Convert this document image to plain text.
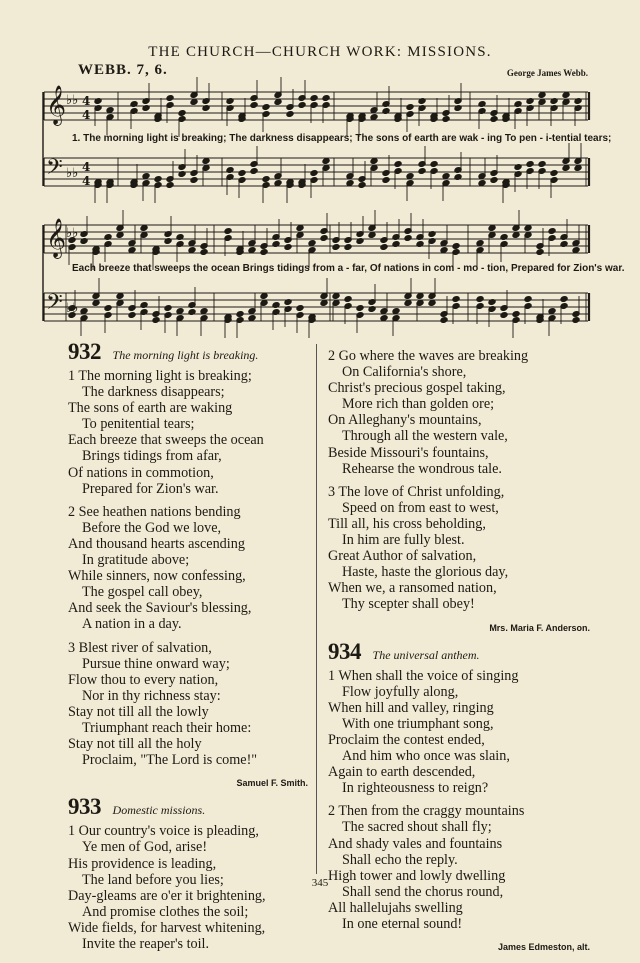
THE CHURCH—CHURCH WORK: MISSIONS.
WEBB. 7, 6.	George James Webb.
𝄞 ♭♭ 4
4
𝄢 ♭♭ 4
4
𝄞 ♭♭
𝄢 ♭♭
1. The morning light is breaking; The darkness disappears; The sons of earth are wak - ing To pen - i-tential tears;
Each breeze that sweeps the ocean Brings tidings from a - far, Of nations in com - mo - tion, Prepared for Zion's war.
932 The morning light is breaking.
1 The morning light is breaking;
The darkness disappears;
The sons of earth are waking
To penitential tears;
Each breeze that sweeps the ocean
Brings tidings from afar,
Of nations in commotion,
Prepared for Zion's war.
2 See heathen nations bending
Before the God we love,
And thousand hearts ascending
In gratitude above;
While sinners, now confessing,
The gospel call obey,
And seek the Saviour's blessing,
A nation in a day.
3 Blest river of salvation,
Pursue thine onward way;
Flow thou to every nation,
Nor in thy richness stay:
Stay not till all the lowly
Triumphant reach their home:
Stay not till all the holy
Proclaim, "The Lord is come!"
Samuel F. Smith.
933 Domestic missions.
1 Our country's voice is pleading,
Ye men of God, arise!
His providence is leading,
The land before you lies;
Day-gleams are o'er it brightening,
And promise clothes the soil;
Wide fields, for harvest whitening,
Invite the reaper's toil.
2 Go where the waves are breaking
On California's shore,
Christ's precious gospel taking,
More rich than golden ore;
On Alleghany's mountains,
Through all the western vale,
Beside Missouri's fountains,
Rehearse the wondrous tale.
3 The love of Christ unfolding,
Speed on from east to west,
Till all, his cross beholding,
In him are fully blest.
Great Author of salvation,
Haste, haste the glorious day,
When we, a ransomed nation,
Thy scepter shall obey!
Mrs. Maria F. Anderson.
934 The universal anthem.
1 When shall the voice of singing
Flow joyfully along,
When hill and valley, ringing
With one triumphant song,
Proclaim the contest ended,
And him who once was slain,
Again to earth descended,
In righteousness to reign?
2 Then from the craggy mountains
The sacred shout shall fly;
And shady vales and fountains
Shall echo the reply.
High tower and lowly dwelling
Shall send the chorus round,
All hallelujahs swelling
In one eternal sound!
James Edmeston, alt.
345
